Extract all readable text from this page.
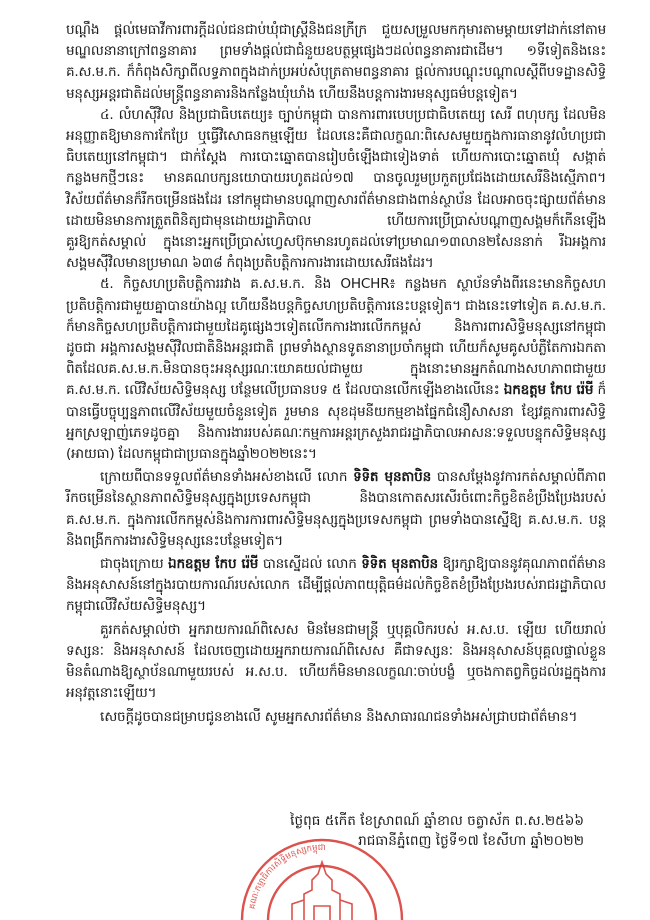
បណ្ដឹង ផ្ដល់មេធាវីការពារក្ដីដល់ជនជាប់ឃុំជាស្ត្រីនិងជនក្រីក្រ ជួយសម្រួលមកកុមារតាមម្ដាយទៅដាក់នៅតាមមណ្ឌលនានាក្រៅពន្ធនាគារ ព្រមទាំងផ្ដល់ជាជំនួយឧបត្ថម្ភផ្សេងៗដល់ពន្ធនាគារជាដើម។ ១ទីទៀតនិងនេះ គ.ស.ម.ក. ក៏កំពុងសិក្សាពីលទ្ធភាពក្នុងដាក់ប្រអប់សំបុត្រតាមពន្ធនាគារ ផ្ដល់ការបណ្ដុះបណ្ដាលស្ដីពីបទដ្ឋានសិទ្ធិមនុស្សអន្តរជាតិដល់មន្ត្រីពន្ធនាគារនិងកន្លែងឃុំឃាំង ហើយនឹងបន្តការងារមនុស្សធម៌បន្តទៀត។

៤. លំហសុីវិល និងប្រជាធិបតេយ្យ៖ ច្បាប់កម្ពុជា បានការពារបេបប្រជាធិបតេយ្យ សេរី ពហុបក្ស ដែលមិនអនុញ្ញាតឱ្យមានការកែប្រែ ឬធ្វើវិសោធនកម្មឡើយ ដែលនេះគឺជាលក្ខណៈពិសេសមួយក្នុងការធានានូវលំហប្រជាធិបតេយ្យនៅកម្ពុជា។ ជាក់ស្ដែង ការបោះឆ្នោតបានរៀបចំឡើងជាទៀងទាត់ ហើយការបោះឆ្នោតឃុំ សង្កាត់កន្លងមកថ្មីៗនេះ មានគណបក្សនយោបាយរហូតដល់១៧ បានចូលរួមប្រកួតប្រជែងដោយសេរីនិងស្មើភាព។ វិស័យព័ត៌មានក៏រីកចម្រើនផងដែរ នៅកម្ពុជាមានបណ្ដាញសារព័ត៌មានជាងពាន់ស្ថាប័ន ដែលអាចចុះផ្សាយព័ត៌មានដោយមិនមានការត្រួតពិនិត្យជាមុនដោយរដ្ឋាភិបាល ហើយការប្រើប្រាស់បណ្ដាញសង្គមក៏កើនឡើងគួរឱ្យកត់សម្គាល់ ក្នុងនោះអ្នកប្រើប្រាស់ហ្វេសប៊ុកមានរហូតដល់ទៅប្រមាណ១៣លាន២សែននាក់ រីឯអង្គការសង្គមសុីវិលមានប្រមាណ ៦៣៨ កំពុងប្រតិបត្តិការការងារដោយសេរីផងដែរ។

៥. កិច្ចសហប្រតិបត្តិការរវាង គ.ស.ម.ក. និង OHCHR៖ កន្លងមក ស្ថាប័នទាំងពីរនេះមានកិច្ចសហប្រតិបត្តិការជាមួយគ្នាបានយ៉ាងល្អ ហើយនឹងបន្តកិច្ចសហប្រតិបត្តិការនេះបន្តទៀត។ ជាងនេះទៅទៀត គ.ស.ម.ក. ក៏មានកិច្ចសហប្រតិបត្តិការជាមួយដៃគូផ្សេងៗទៀតលើកការងារលើកកម្ពស់ និងការពារសិទ្ធិមនុស្សនៅកម្ពុជាដូចជា អង្គការសង្គមសុីវិលជាតិនិងអន្តរជាតិ ព្រមទាំងស្ថានទូតនានាប្រចាំកម្ពុជា ហើយក៏សូមគូសបំភ្លឺតែការឯកតាពិតដែលគ.ស.ម.ក.មិនបានចុះអនុស្សរណៈយោគយល់ជាមួយ ក្នុងនោះមានអ្នកតំណាងសហភាពជាមួយ គ.ស.ម.ក. លើវិស័យសិទ្ធិមនុស្ស បន្ថែមលើប្រធានបទ ៥ ដែលបានលើកឡើងខាងលើនេះ ឯកឧត្ដម កែប រ៉េមី ក៏បានធ្វើបច្ចុប្បន្នភាពលើវិស័យមួយចំនួនទៀត រួមមាន សុខដុមនីយកម្មខាងផ្នែកជំនឿសាសនា ខ្សែវគ្គការពារសិទ្ធិអ្នកស្រឡាញ់ភេទដូចគ្នា និងការងាររបស់គណៈកម្មការអន្តរក្រសួងរាជរដ្ឋាភិបាលអាសនៈទទួលបន្ទុកសិទ្ធិមនុស្ស (អាយធា) ដែលកម្ពុជាជាប្រធានក្នុងឆ្នាំ២០២២នេះ។

ក្រោយពីបានទទួលព័ត៌មានទាំងអស់ខាងលើ លោក ទិទិត មុនតាបិន បានសម្ដែងនូវការកត់សម្គាល់ពីភាពរីកចម្រើននៃស្ថានភាពសិទ្ធិមនុស្សក្នុងប្រទេសកម្ពុជា និងបានកោតសរសើរចំពោះកិច្ចខិតខំប្រឹងប្រែងរបស់ គ.ស.ម.ក. ក្នុងការលើកកម្ពស់និងការការពារសិទ្ធិមនុស្សក្នុងប្រទេសកម្ពុជា ព្រមទាំងបានស្នើឱ្យ គ.ស.ម.ក. បន្តនិងពង្រីកការងារសិទ្ធិមនុស្សនេះបន្ថែមទៀត។

ជាចុងក្រោយ ឯកឧត្ដម កែប រ៉េមី បានស្នើដល់ លោក ទិទិត មុនតាបិន ឱ្យរក្សាឱ្យបាននូវគុណភាពព័ត៌មាន និងអនុសាសន៍នៅក្នុងរបាយការណ៍របស់លោក ដើម្បីផ្ដល់ភាពយុត្តិធម៌ដល់កិច្ចខិតខំប្រឹងប្រែងរបស់រាជរដ្ឋាភិបាលកម្ពុជាលើវិស័យសិទ្ធិមនុស្ស។

គួរកត់សម្គាល់ថា អ្នករាយការណ៍ពិសេស មិនមែនជាមន្ត្រី ឬបុគ្គលិករបស់ អ.ស.ប. ឡើយ ហើយរាល់ទស្សនៈ និងអនុសាសន៍ ដែលចេញដោយអ្នករាយការណ៍ពិសេស គឺជាទស្សនៈ និងអនុសាសន៍បុគ្គលផ្ទាល់ខ្លួន មិនតំណាងឱ្យស្ថាប័នណាមួយរបស់ អ.ស.ប. ហើយក៏មិនមានលក្ខណៈចាប់បង្ខំ ឬចងកាតព្វកិច្ចដល់រដ្ឋក្នុងការអនុវត្តនោះឡើយ។

សេចក្ដីដូចបានជម្រាបជូនខាងលើ សូមអ្នកសារព័ត៌មាន និងសាធារណជនទាំងអស់ជ្រាបជាព័ត៌មាន។

ថ្ងៃពុធ ៥កើត ខែស្រាពណ៍ ឆ្នាំខាល ចត្វាស័ក ព.ស.២៥៦៦
រាជធានីភ្នំពេញ ថ្ងៃទី១៧ ខែសីហា ឆ្នាំ២០២២
គណៈកម្មាធិការសិទ្ធិមនុស្សកម្ពុជា
